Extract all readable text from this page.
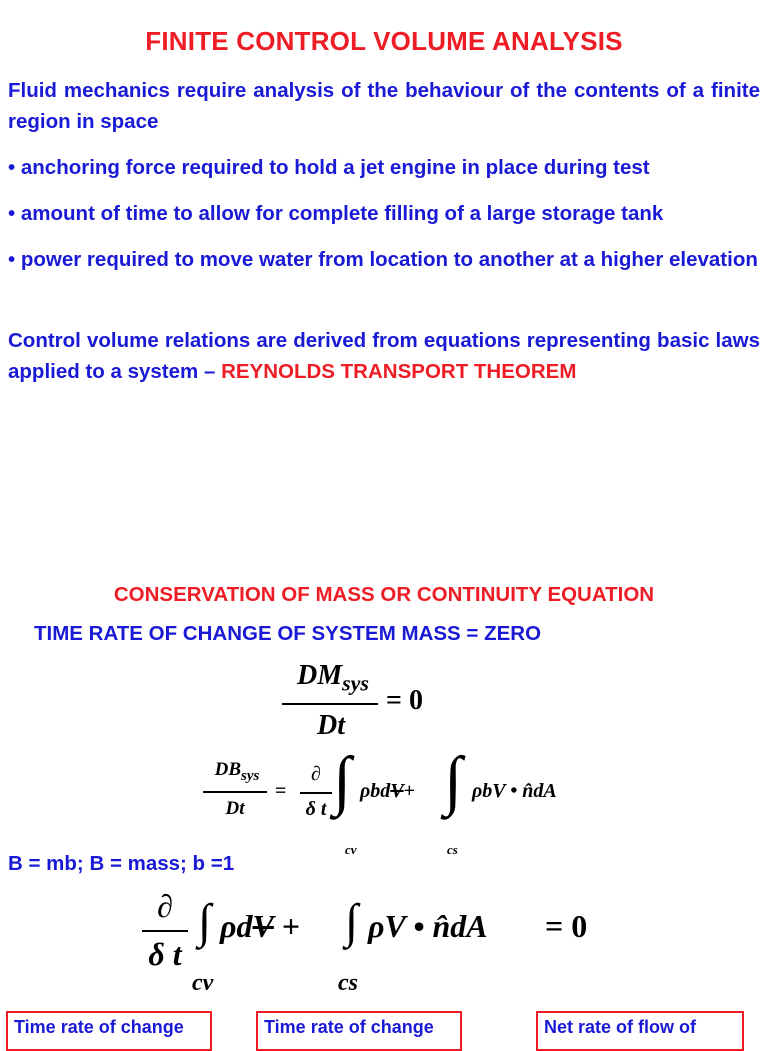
FINITE CONTROL VOLUME ANALYSIS
Fluid mechanics require analysis of the behaviour of the contents of a finite region in space
• anchoring force required to hold a jet engine in place during test
• amount of time to allow for complete filling of a large storage tank
• power required to move water from location to another at a higher elevation
Control volume relations are derived from equations representing basic laws applied to a system – REYNOLDS TRANSPORT THEOREM
CONSERVATION OF MASS OR CONTINUITY EQUATION
TIME RATE OF CHANGE OF SYSTEM MASS = ZERO
$DM_{sys}$
Dt
= 0
$DB_{sys}$
Dt
=
∂
δ t ∫ ρbdV+
cv
∫ ρbV • n̂dA
cs
B = mb; B = mass; b =1
∂
δ t
∫ ρdV +
cv
∫ ρV • n̂dA
cs
= 0
Time rate of change	Time rate of change	Net rate of flow of
